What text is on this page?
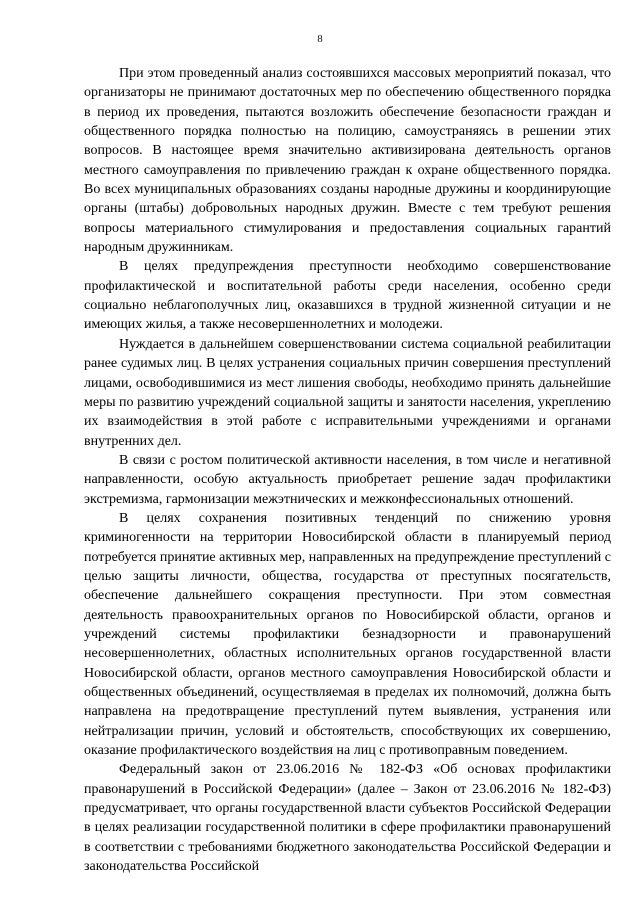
8

При этом проведенный анализ состоявшихся массовых мероприятий показал, что организаторы не принимают достаточных мер по обеспечению общественного порядка в период их проведения, пытаются возложить обеспечение безопасности граждан и общественного порядка полностью на полицию, самоустраняясь в решении этих вопросов. В настоящее время значительно активизирована деятельность органов местного самоуправления по привлечению граждан к охране общественного порядка. Во всех муниципальных образованиях созданы народные дружины и координирующие органы (штабы) добровольных народных дружин. Вместе с тем требуют решения вопросы материального стимулирования и предоставления социальных гарантий народным дружинникам.

В целях предупреждения преступности необходимо совершенствование профилактической и воспитательной работы среди населения, особенно среди социально неблагополучных лиц, оказавшихся в трудной жизненной ситуации и не имеющих жилья, а также несовершеннолетних и молодежи.

Нуждается в дальнейшем совершенствовании система социальной реабилитации ранее судимых лиц. В целях устранения социальных причин совершения преступлений лицами, освободившимися из мест лишения свободы, необходимо принять дальнейшие меры по развитию учреждений социальной защиты и занятости населения, укреплению их взаимодействия в этой работе с исправительными учреждениями и органами внутренних дел.

В связи с ростом политической активности населения, в том числе и негативной направленности, особую актуальность приобретает решение задач профилактики экстремизма, гармонизации межэтнических и межконфессиональных отношений.

В целях сохранения позитивных тенденций по снижению уровня криминогенности на территории Новосибирской области в планируемый период потребуется принятие активных мер, направленных на предупреждение преступлений с целью защиты личности, общества, государства от преступных посягательств, обеспечение дальнейшего сокращения преступности. При этом совместная деятельность правоохранительных органов по Новосибирской области, органов и учреждений системы профилактики безнадзорности и правонарушений несовершеннолетних, областных исполнительных органов государственной власти Новосибирской области, органов местного самоуправления Новосибирской области и общественных объединений, осуществляемая в пределах их полномочий, должна быть направлена на предотвращение преступлений путем выявления, устранения или нейтрализации причин, условий и обстоятельств, способствующих их совершению, оказание профилактического воздействия на лиц с противоправным поведением.

Федеральный закон от 23.06.2016 № 182-ФЗ «Об основах профилактики правонарушений в Российской Федерации» (далее – Закон от 23.06.2016 № 182-ФЗ) предусматривает, что органы государственной власти субъектов Российской Федерации в целях реализации государственной политики в сфере профилактики правонарушений в соответствии с требованиями бюджетного законодательства Российской Федерации и законодательства Российской
